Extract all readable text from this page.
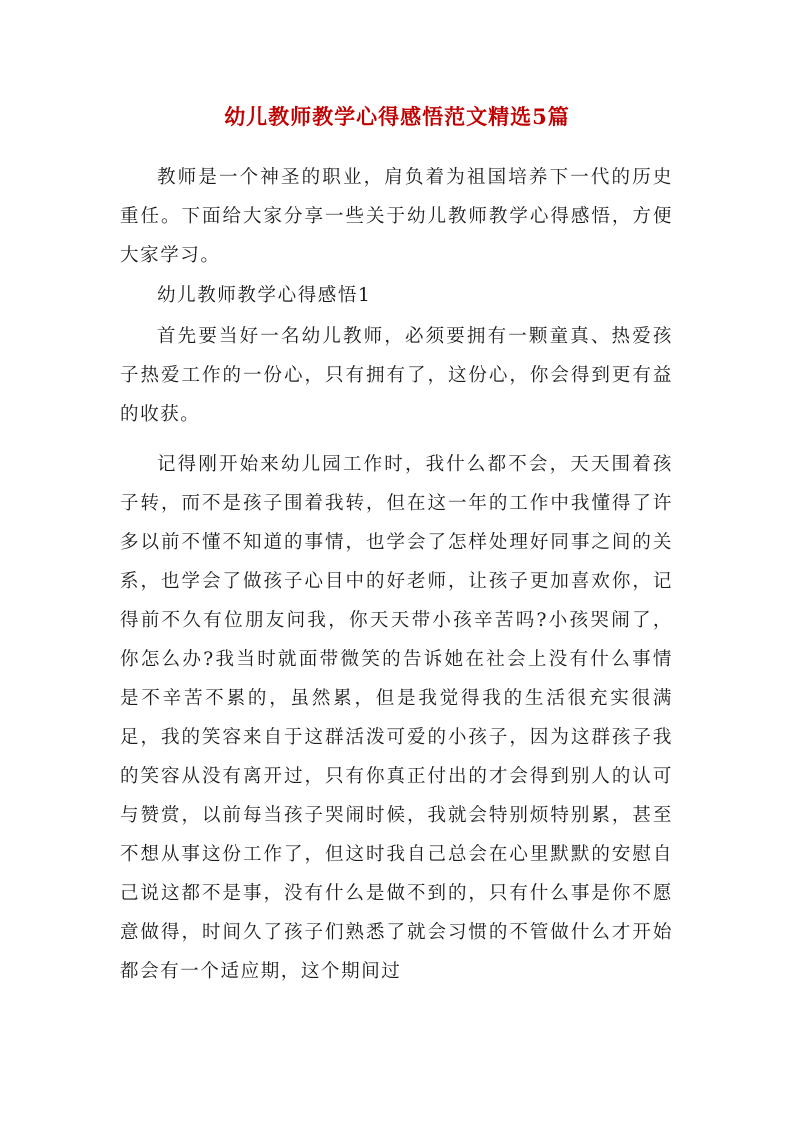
幼儿教师教学心得感悟范文精选5篇

教师是一个神圣的职业，肩负着为祖国培养下一代的历史重任。下面给大家分享一些关于幼儿教师教学心得感悟，方便大家学习。

幼儿教师教学心得感悟1

首先要当好一名幼儿教师，必须要拥有一颗童真、热爱孩子热爱工作的一份心，只有拥有了，这份心，你会得到更有益的收获。

记得刚开始来幼儿园工作时，我什么都不会，天天围着孩子转，而不是孩子围着我转，但在这一年的工作中我懂得了许多以前不懂不知道的事情，也学会了怎样处理好同事之间的关系，也学会了做孩子心目中的好老师，让孩子更加喜欢你，记得前不久有位朋友问我，你天天带小孩辛苦吗?小孩哭闹了，你怎么办?我当时就面带微笑的告诉她在社会上没有什么事情是不辛苦不累的，虽然累，但是我觉得我的生活很充实很满足，我的笑容来自于这群活泼可爱的小孩子，因为这群孩子我的笑容从没有离开过，只有你真正付出的才会得到别人的认可与赞赏，以前每当孩子哭闹时候，我就会特别烦特别累，甚至不想从事这份工作了，但这时我自己总会在心里默默的安慰自己说这都不是事，没有什么是做不到的，只有什么事是你不愿意做得，时间久了孩子们熟悉了就会习惯的不管做什么才开始都会有一个适应期，这个期间过
